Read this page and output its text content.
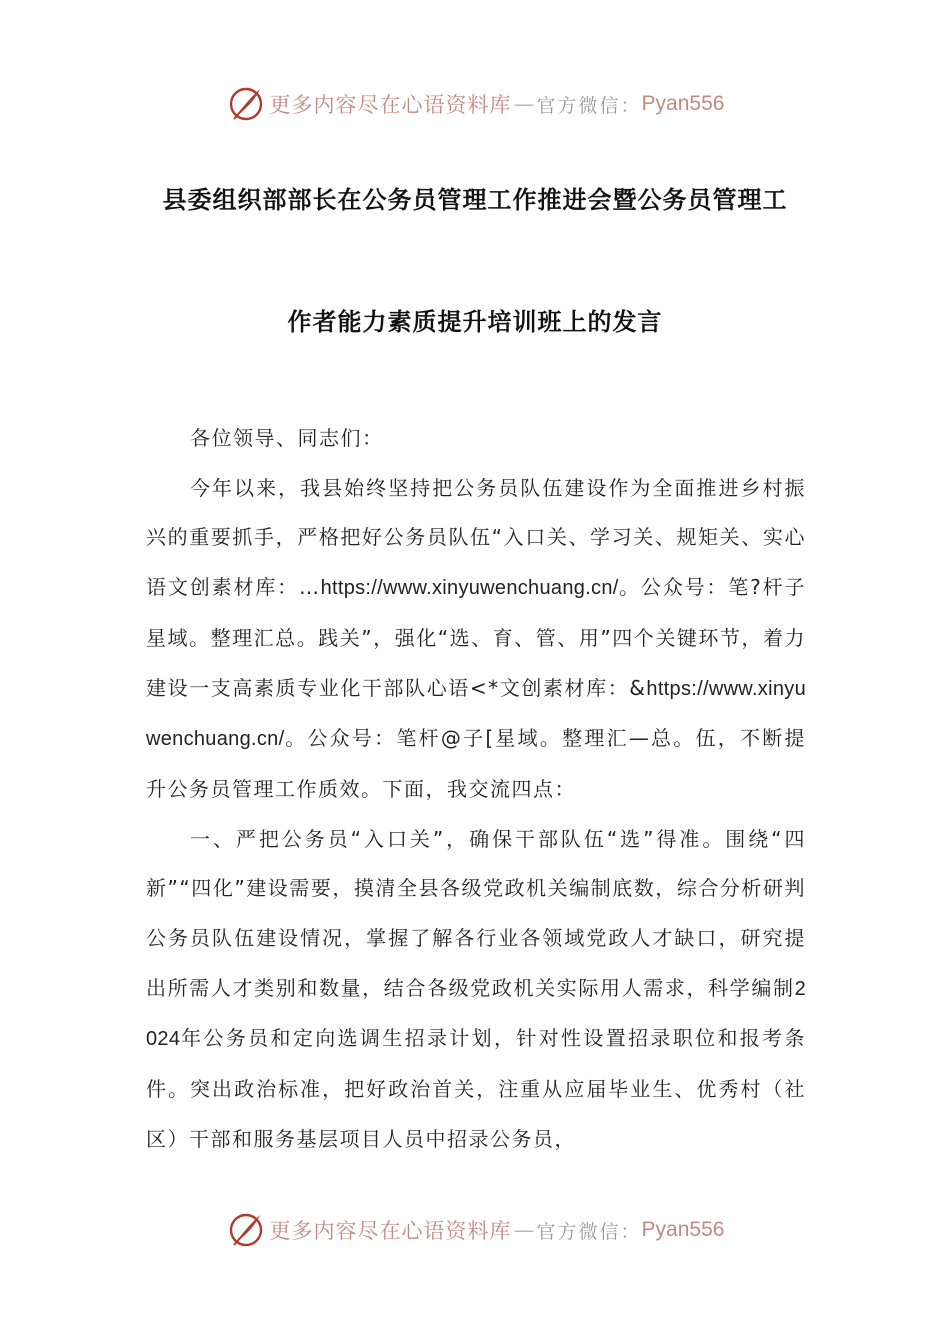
更多内容尽在心语资料库 — 官方微信： Pyan556
县委组织部部长在公务员管理工作推进会暨公务员管理工
作者能力素质提升培训班上的发言

各位领导、同志们：

今年以来，我县始终坚持把公务员队伍建设作为全面推进乡村振兴的重要抓手，严格把好公务员队伍“入口关、学习关、规矩关、实心语文创素材库：…https://www.xinyuwenchuang.cn/。公众号：笔?杆子星域。整理汇总。践关”，强化“选、育、管、用”四个关键环节，着力建设一支高素质专业化干部队心语<*文创素材库：&https://www.xinyuwenchuang.cn/。公众号：笔杆@子[星域。整理汇—总。伍，不断提升公务员管理工作质效。下面，我交流四点：

一、严把公务员“入口关”，确保干部队伍“选”得准。围绕“四新”“四化”建设需要，摸清全县各级党政机关编制底数，综合分析研判公务员队伍建设情况，掌握了解各行业各领域党政人才缺口，研究提出所需人才类别和数量，结合各级党政机关实际用人需求，科学编制2024年公务员和定向选调生招录计划，针对性设置招录职位和报考条件。突出政治标准，把好政治首关，注重从应届毕业生、优秀村（社区）干部和服务基层项目人员中招录公务员，

更多内容尽在心语资料库 — 官方微信： Pyan556
